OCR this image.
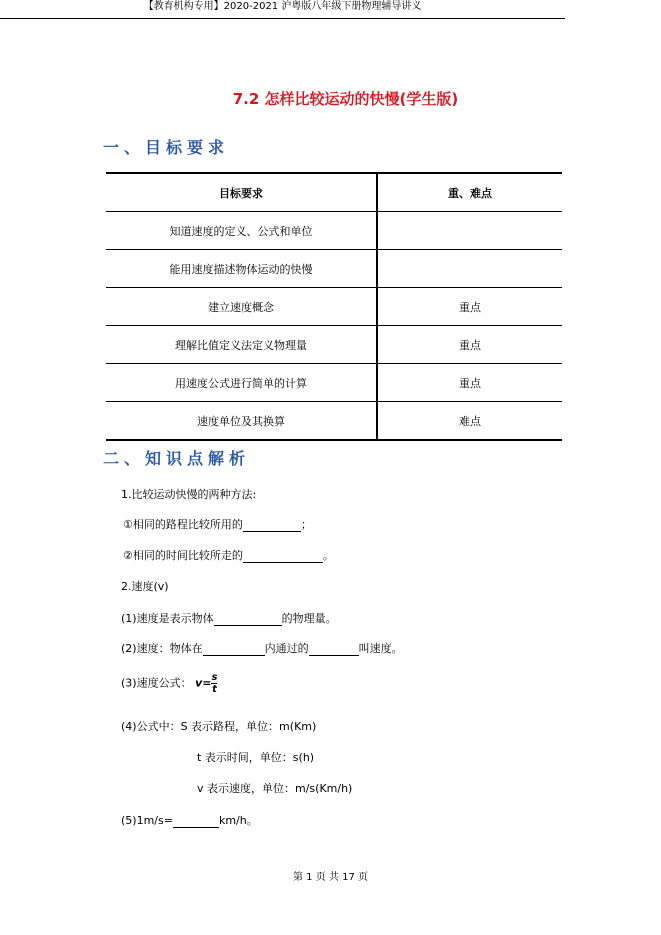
【教育机构专用】2020-2021 沪粤版八年级下册物理辅导讲义
7.2 怎样比较运动的快慢(学生版)
一、目标要求
目标要求	重、难点
知道速度的定义、公式和单位	
能用速度描述物体运动的快慢	
建立速度概念	重点
理解比值定义法定义物理量	重点
用速度公式进行简单的计算	重点
速度单位及其换算	难点
二、知识点解析
1.比较运动快慢的两种方法:
①相同的路程比较所用的	；
②相同的时间比较所走的	。
2.速度(v)
(1)速度是表示物体	的物理量。
(2)速度：物体在	内通过的	叫速度。
(3)速度公式： $v= \frac{s}{t}$
(4)公式中：S 表示路程，单位：m(Km)
t 表示时间，单位：s(h)
v 表示速度，单位：m/s(Km/h)
(5)1m/s=	km/h。
第 1 页 共 17 页
